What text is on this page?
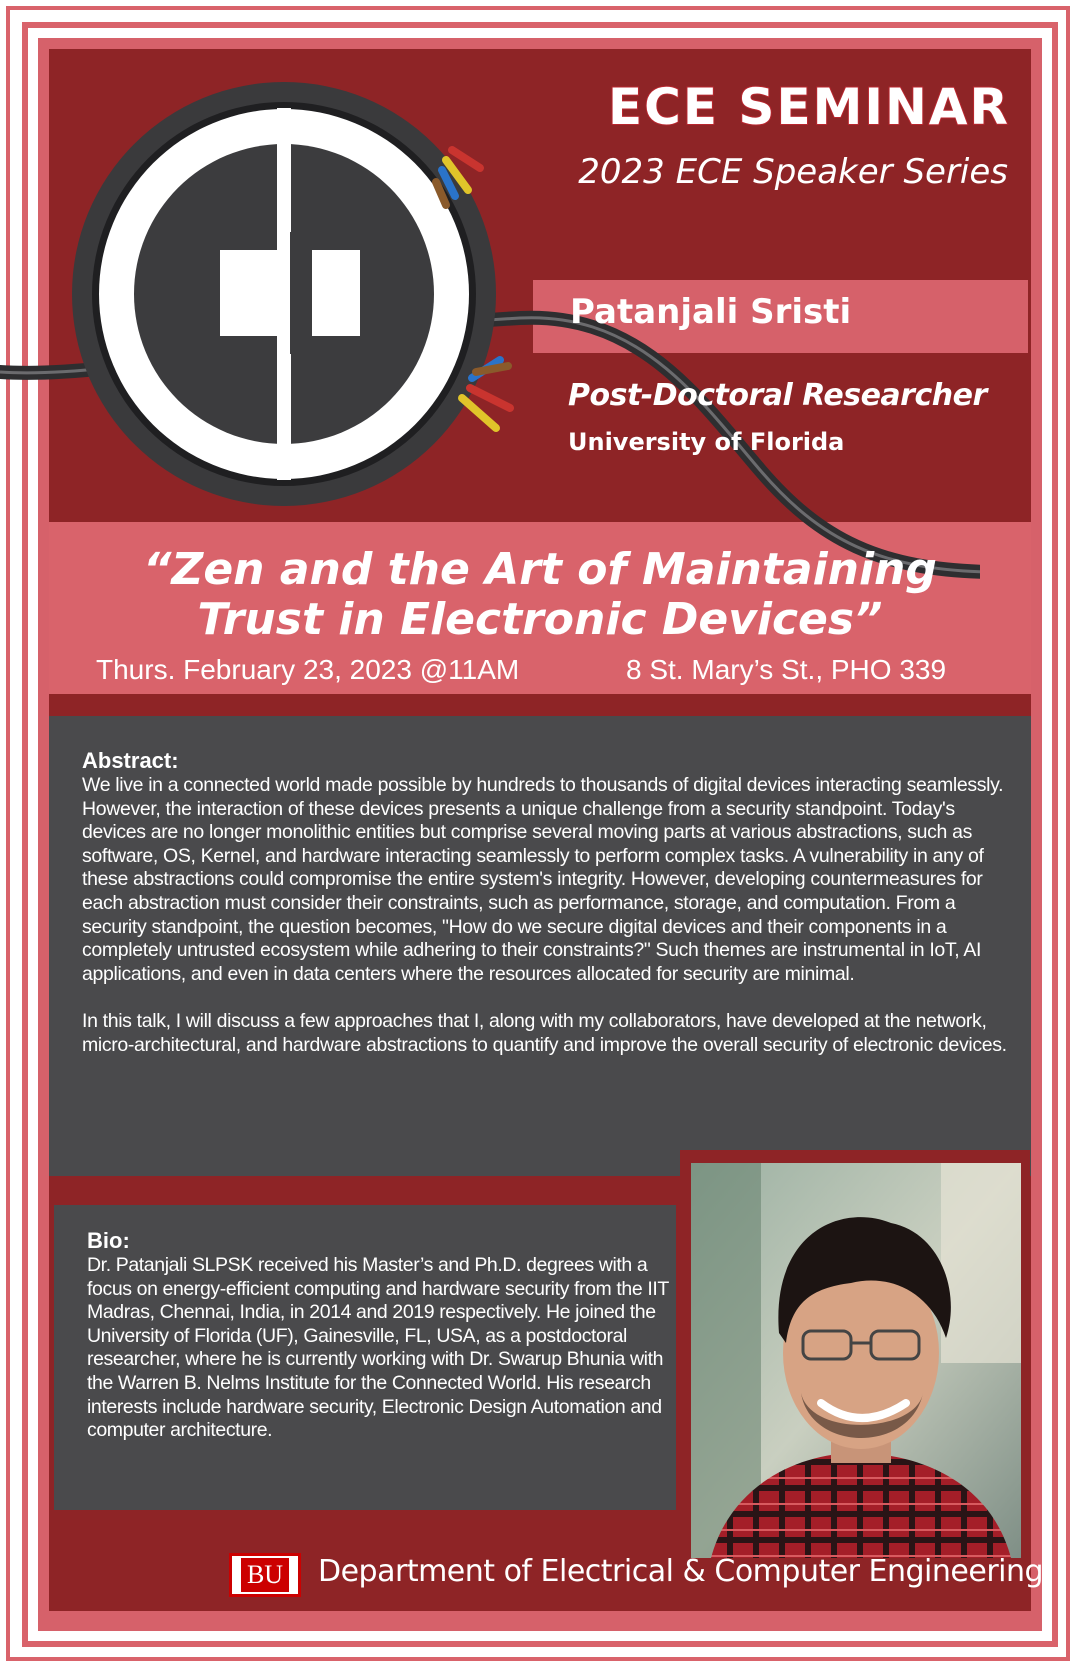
ECE SEMINAR
2023 ECE Speaker Series
Patanjali Sristi
Post-Doctoral Researcher
University of Florida
“Zen and the Art of Maintaining
Trust in Electronic Devices”
Thurs. February 23, 2023 @11AM	8 St. Mary’s St., PHO 339
Abstract:

We live in a connected world made possible by hundreds to thousands of digital devices interacting seamlessly. However, the interaction of these devices presents a unique challenge from a security standpoint. Today's devices are no longer monolithic entities but comprise several moving parts at various abstractions, such as software, OS, Kernel, and hardware interacting seamlessly to perform complex tasks. A vulnerability in any of these abstractions could compromise the entire system's integrity. However, developing countermeasures for each abstraction must consider their constraints, such as performance, storage, and computation. From a security standpoint, the question becomes, "How do we secure digital devices and their components in a completely untrusted ecosystem while adhering to their constraints?" Such themes are instrumental in IoT, AI applications, and even in data centers where the resources allocated for security are minimal.

In this talk, I will discuss a few approaches that I, along with my collaborators, have developed at the network, micro-architectural, and hardware abstractions to quantify and improve the overall security of electronic devices.

Bio:
Dr. Patanjali SLPSK received his Master’s and Ph.D. degrees with a focus on energy-efficient computing and hardware security from the IIT Madras, Chennai, India, in 2014 and 2019 respectively. He joined the University of Florida (UF), Gainesville, FL, USA, as a postdoctoral researcher, where he is currently working with Dr. Swarup Bhunia with the Warren B. Nelms Institute for the Connected World. His research interests include hardware security, Electronic Design Automation and computer architecture.
BU Department of Electrical & Computer Engineering
